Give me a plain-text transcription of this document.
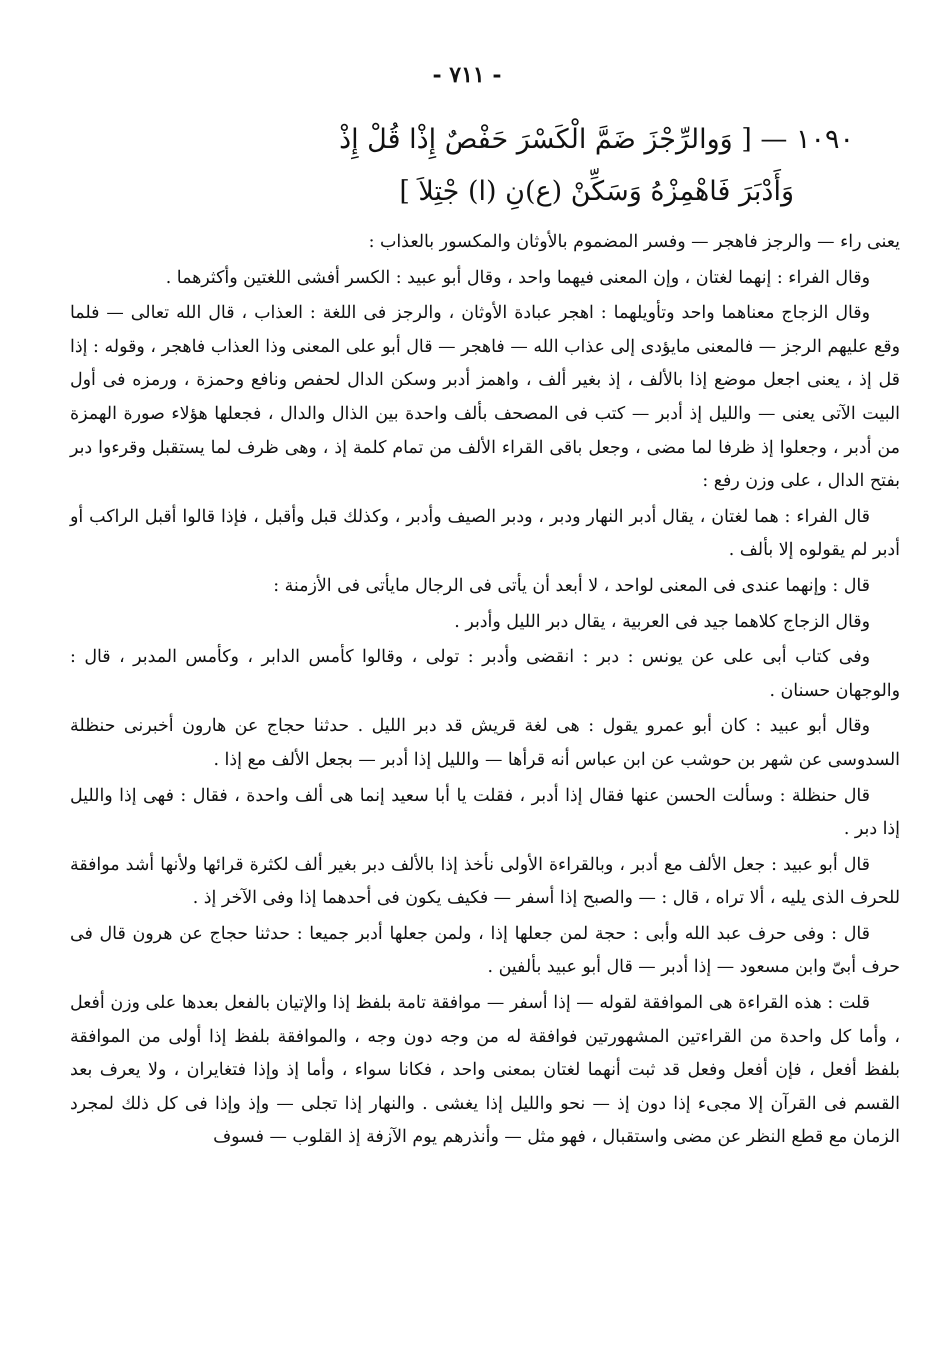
- ٧١١ -
١٠٩٠ — [ وَوالرِّجْزَ ضَمَّ الْكَسْرَ حَفْصٌ إِذْا قُلْ إِذْ
وَأَدْبَرَ فَاهْمِزْهُ وَسَكِّنْ (ع)نِ (ا) جْتِلاَ ]

يعنى راء — والرجز فاهجر — وفسر المضموم بالأوثان والمكسور بالعذاب :

وقال الفراء : إنهما لغتان ، وإن المعنى فيهما واحد ، وقال أبو عبيد : الكسر أفشى اللغتين وأكثرهما .

وقال الزجاج معناهما واحد وتأويلهما : اهجر عبادة الأوثان ، والرجز فى اللغة : العذاب ، قال الله تعالى — فلما وقع عليهم الرجز — فالمعنى مايؤدى إلى عذاب الله — فاهجر — قال أبو على المعنى وذا العذاب فاهجر ، وقوله : إذا قل إذ ، يعنى اجعل موضع إذا بالألف ، إذ بغير ألف ، واهمز أدبر وسكن الدال لحفص ونافع وحمزة ، ورمزه فى أول البيت الآتى يعنى — والليل إذ أدبر — كتب فى المصحف بألف واحدة بين الذال والدال ، فجعلها هؤلاء صورة الهمزة من أدبر ، وجعلوا إذ ظرفا لما مضى ، وجعل باقى القراء الألف من تمام كلمة إذ ، وهى ظرف لما يستقبل وقرءوا دبر بفتح الدال ، على وزن رفع :

قال الفراء : هما لغتان ، يقال أدبر النهار ودبر ، ودبر الصيف وأدبر ، وكذلك قبل وأقبل ، فإذا قالوا أقبل الراكب أو أدبر لم يقولوه إلا بألف .

قال : وإنهما عندى فى المعنى لواحد ، لا أبعد أن يأتى فى الرجال مايأتى فى الأزمنة :

وقال الزجاج كلاهما جيد فى العربية ، يقال دبر الليل وأدبر .

وفى كتاب أبى على عن يونس : دبر : انقضى وأدبر : تولى ، وقالوا كأمس الدابر ، وكأمس المدبر ، قال : والوجهان حسنان .

وقال أبو عبيد : كان أبو عمرو يقول : هى لغة قريش قد دبر الليل . حدثنا حجاج عن هارون أخبرنى حنظلة السدوسى عن شهر بن حوشب عن ابن عباس أنه قرأها — والليل إذا أدبر — بجعل الألف مع إذا .

قال حنظلة : وسألت الحسن عنها فقال إذا أدبر ، فقلت يا أبا سعيد إنما هى ألف واحدة ، فقال : فهى إذا والليل إذا دبر .

قال أبو عبيد : جعل الألف مع أدبر ، وبالقراءة الأولى نأخذ إذا بالألف دبر بغير ألف لكثرة قرائها ولأنها أشد موافقة للحرف الذى يليه ، ألا تراه ، قال : — والصبح إذا أسفر — فكيف يكون فى أحدهما إذا وفى الآخر إذ .

قال : وفى حرف عبد الله وأبى : حجة لمن جعلها إذا ، ولمن جعلها أدبر جميعا : حدثنا حجاج عن هرون قال فى حرف أبىّ وابن مسعود — إذا أدبر — قال أبو عبيد بألفين .

قلت : هذه القراءة هى الموافقة لقوله — إذا أسفر — موافقة تامة بلفظ إذا والإتيان بالفعل بعدها على وزن أفعل ، وأما كل واحدة من القراءتين المشهورتين فوافقة له من وجه دون وجه ، والموافقة بلفظ إذا أولى من الموافقة بلفظ أفعل ، فإن أفعل وفعل قد ثبت أنهما لغتان بمعنى واحد ، فكانا سواء ، وأما إذ وإذا فتغايران ، ولا يعرف بعد القسم فى القرآن إلا مجىء إذا دون إذ — نحو والليل إذا يغشى . والنهار إذا تجلى — وإذ وإذا فى كل ذلك لمجرد الزمان مع قطع النظر عن مضى واستقبال ، فهو مثل — وأنذرهم يوم الآزفة إذ القلوب — فسوف
